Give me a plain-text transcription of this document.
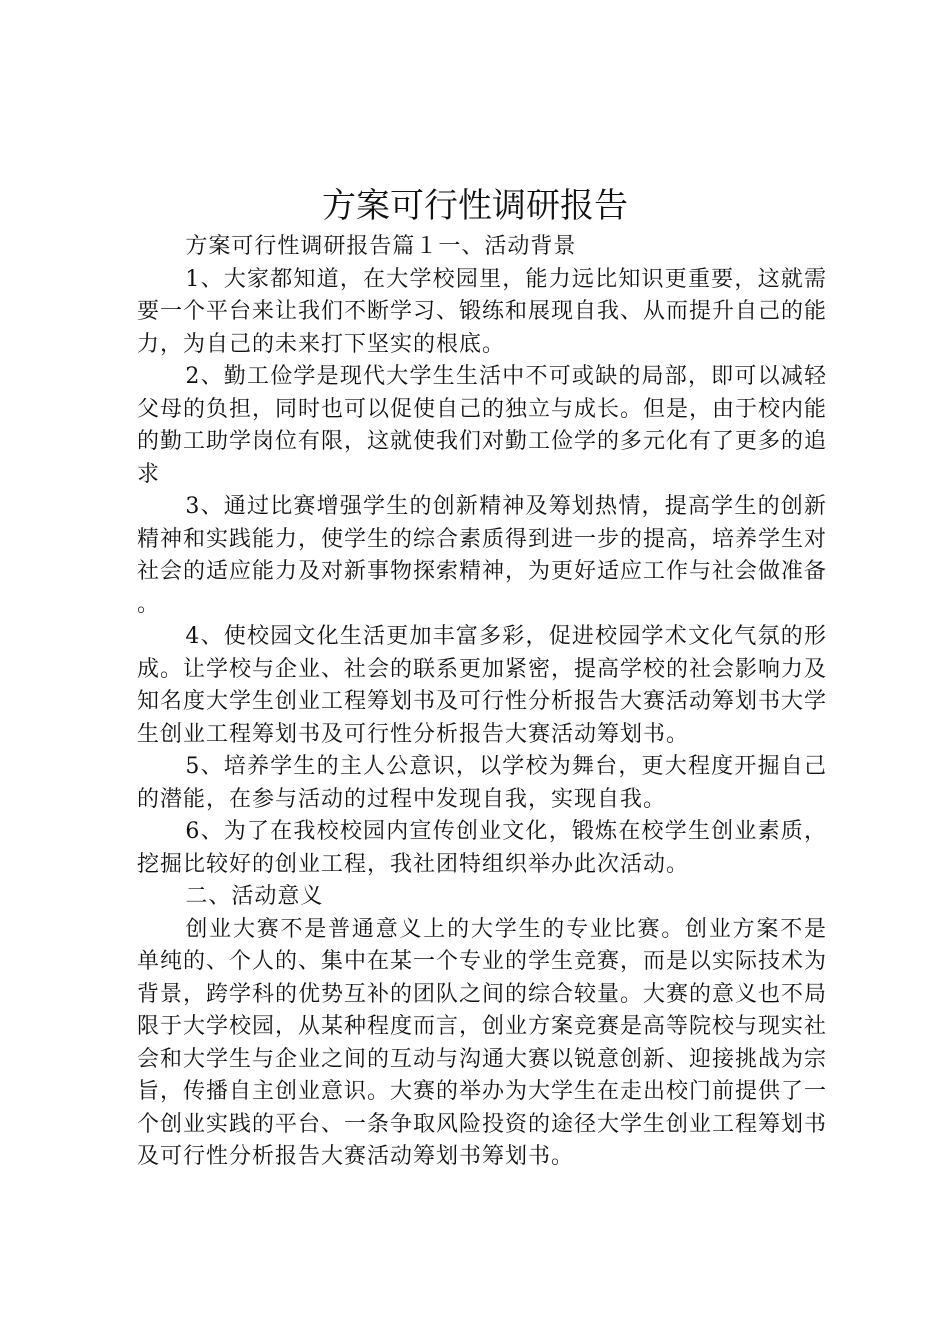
方案可行性调研报告

方案可行性调研报告篇１一、活动背景

1、大家都知道，在大学校园里，能力远比知识更重要，这就需要一个平台来让我们不断学习、锻练和展现自我、从而提升自己的能力，为自己的未来打下坚实的根底。

2、勤工俭学是现代大学生生活中不可或缺的局部，即可以减轻父母的负担，同时也可以促使自己的独立与成长。但是，由于校内能的勤工助学岗位有限，这就使我们对勤工俭学的多元化有了更多的追求

3、通过比赛增强学生的创新精神及筹划热情，提高学生的创新精神和实践能力，使学生的综合素质得到进一步的提高，培养学生对社会的适应能力及对新事物探索精神，为更好适应工作与社会做准备。

4、使校园文化生活更加丰富多彩，促进校园学术文化气氛的形成。让学校与企业、社会的联系更加紧密，提高学校的社会影响力及知名度大学生创业工程筹划书及可行性分析报告大赛活动筹划书大学生创业工程筹划书及可行性分析报告大赛活动筹划书。

5、培养学生的主人公意识，以学校为舞台，更大程度开掘自己的潜能，在参与活动的过程中发现自我，实现自我。

6、为了在我校校园内宣传创业文化，锻炼在校学生创业素质，挖掘比较好的创业工程，我社团特组织举办此次活动。

二、活动意义

创业大赛不是普通意义上的大学生的专业比赛。创业方案不是单纯的、个人的、集中在某一个专业的学生竞赛，而是以实际技术为背景，跨学科的优势互补的团队之间的综合较量。大赛的意义也不局限于大学校园，从某种程度而言，创业方案竞赛是高等院校与现实社会和大学生与企业之间的互动与沟通大赛以锐意创新、迎接挑战为宗旨，传播自主创业意识。大赛的举办为大学生在走出校门前提供了一个创业实践的平台、一条争取风险投资的途径大学生创业工程筹划书及可行性分析报告大赛活动筹划书筹划书。
